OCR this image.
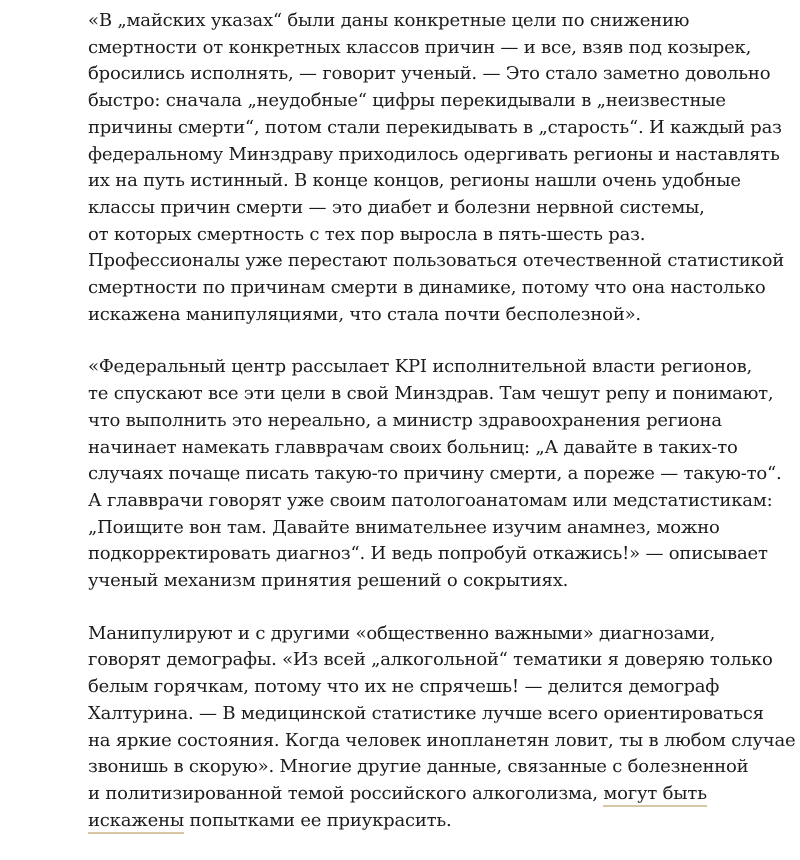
«В „майских указах“ были даны конкретные цели по снижению
смертности от конкретных классов причин — и все, взяв под козырек,
бросились исполнять, — говорит ученый. — Это стало заметно довольно
быстро: сначала „неудобные“ цифры перекидывали в „неизвестные
причины смерти“, потом стали перекидывать в „старость“. И каждый раз
федеральному Минздраву приходилось одергивать регионы и наставлять
их на путь истинный. В конце концов, регионы нашли очень удобные
классы причин смерти — это диабет и болезни нервной системы,
от которых смертность с тех пор выросла в пять-шесть раз.
Профессионалы уже перестают пользоваться отечественной статистикой
смертности по причинам смерти в динамике, потому что она настолько
искажена манипуляциями, что стала почти бесполезной».
«Федеральный центр рассылает KPI исполнительной власти регионов,
те спускают все эти цели в свой Минздрав. Там чешут репу и понимают,
что выполнить это нереально, а министр здравоохранения региона
начинает намекать главврачам своих больниц: „А давайте в таких-то
случаях почаще писать такую-то причину смерти, а пореже — такую-то“.
А главврачи говорят уже своим патологоанатомам или медстатистикам:
„Поищите вон там. Давайте внимательнее изучим анамнез, можно
подкорректировать диагноз“. И ведь попробуй откажись!» — описывает
ученый механизм принятия решений о сокрытиях.
Манипулируют и с другими «общественно важными» диагнозами,
говорят демографы. «Из всей „алкогольной“ тематики я доверяю только
белым горячкам, потому что их не спрячешь! — делится демограф
Халтурина. — В медицинской статистике лучше всего ориентироваться
на яркие состояния. Когда человек инопланетян ловит, ты в любом случае
звонишь в скорую». Многие другие данные, связанные с болезненной
и политизированной темой российского алкоголизма, могут быть
искажены попытками ее приукрасить.
